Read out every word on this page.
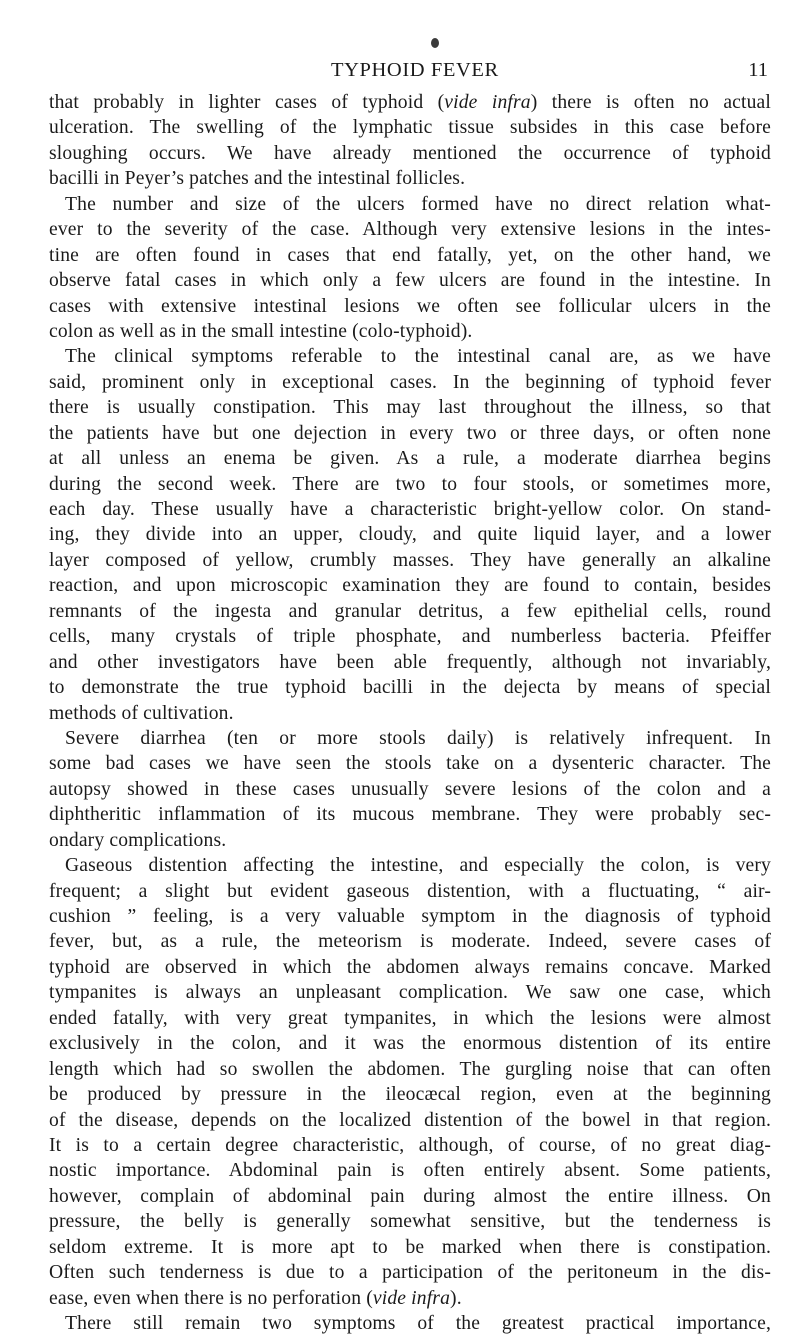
TYPHOID FEVER	11
that probably in lighter cases of typhoid (vide infra) there is often no actual
ulceration. The swelling of the lymphatic tissue subsides in this case before
sloughing occurs. We have already mentioned the occurrence of typhoid
bacilli in Peyer’s patches and the intestinal follicles.
The number and size of the ulcers formed have no direct relation what-
ever to the severity of the case. Although very extensive lesions in the intes-
tine are often found in cases that end fatally, yet, on the other hand, we
observe fatal cases in which only a few ulcers are found in the intestine. In
cases with extensive intestinal lesions we often see follicular ulcers in the
colon as well as in the small intestine (colo-typhoid).
The clinical symptoms referable to the intestinal canal are, as we have
said, prominent only in exceptional cases. In the beginning of typhoid fever
there is usually constipation. This may last throughout the illness, so that
the patients have but one dejection in every two or three days, or often none
at all unless an enema be given. As a rule, a moderate diarrhea begins
during the second week. There are two to four stools, or sometimes more,
each day. These usually have a characteristic bright-yellow color. On stand-
ing, they divide into an upper, cloudy, and quite liquid layer, and a lower
layer composed of yellow, crumbly masses. They have generally an alkaline
reaction, and upon microscopic examination they are found to contain, besides
remnants of the ingesta and granular detritus, a few epithelial cells, round
cells, many crystals of triple phosphate, and numberless bacteria. Pfeiffer
and other investigators have been able frequently, although not invariably,
to demonstrate the true typhoid bacilli in the dejecta by means of special
methods of cultivation.
Severe diarrhea (ten or more stools daily) is relatively infrequent. In
some bad cases we have seen the stools take on a dysenteric character. The
autopsy showed in these cases unusually severe lesions of the colon and a
diphtheritic inflammation of its mucous membrane. They were probably sec-
ondary complications.
Gaseous distention affecting the intestine, and especially the colon, is very
frequent; a slight but evident gaseous distention, with a fluctuating, “ air-
cushion ” feeling, is a very valuable symptom in the diagnosis of typhoid
fever, but, as a rule, the meteorism is moderate. Indeed, severe cases of
typhoid are observed in which the abdomen always remains concave. Marked
tympanites is always an unpleasant complication. We saw one case, which
ended fatally, with very great tympanites, in which the lesions were almost
exclusively in the colon, and it was the enormous distention of its entire
length which had so swollen the abdomen. The gurgling noise that can often
be produced by pressure in the ileocæcal region, even at the beginning
of the disease, depends on the localized distention of the bowel in that region.
It is to a certain degree characteristic, although, of course, of no great diag-
nostic importance. Abdominal pain is often entirely absent. Some patients,
however, complain of abdominal pain during almost the entire illness. On
pressure, the belly is generally somewhat sensitive, but the tenderness is
seldom extreme. It is more apt to be marked when there is constipation.
Often such tenderness is due to a participation of the peritoneum in the dis-
ease, even when there is no perforation (vide infra).
There still remain two symptoms of the greatest practical importance,
